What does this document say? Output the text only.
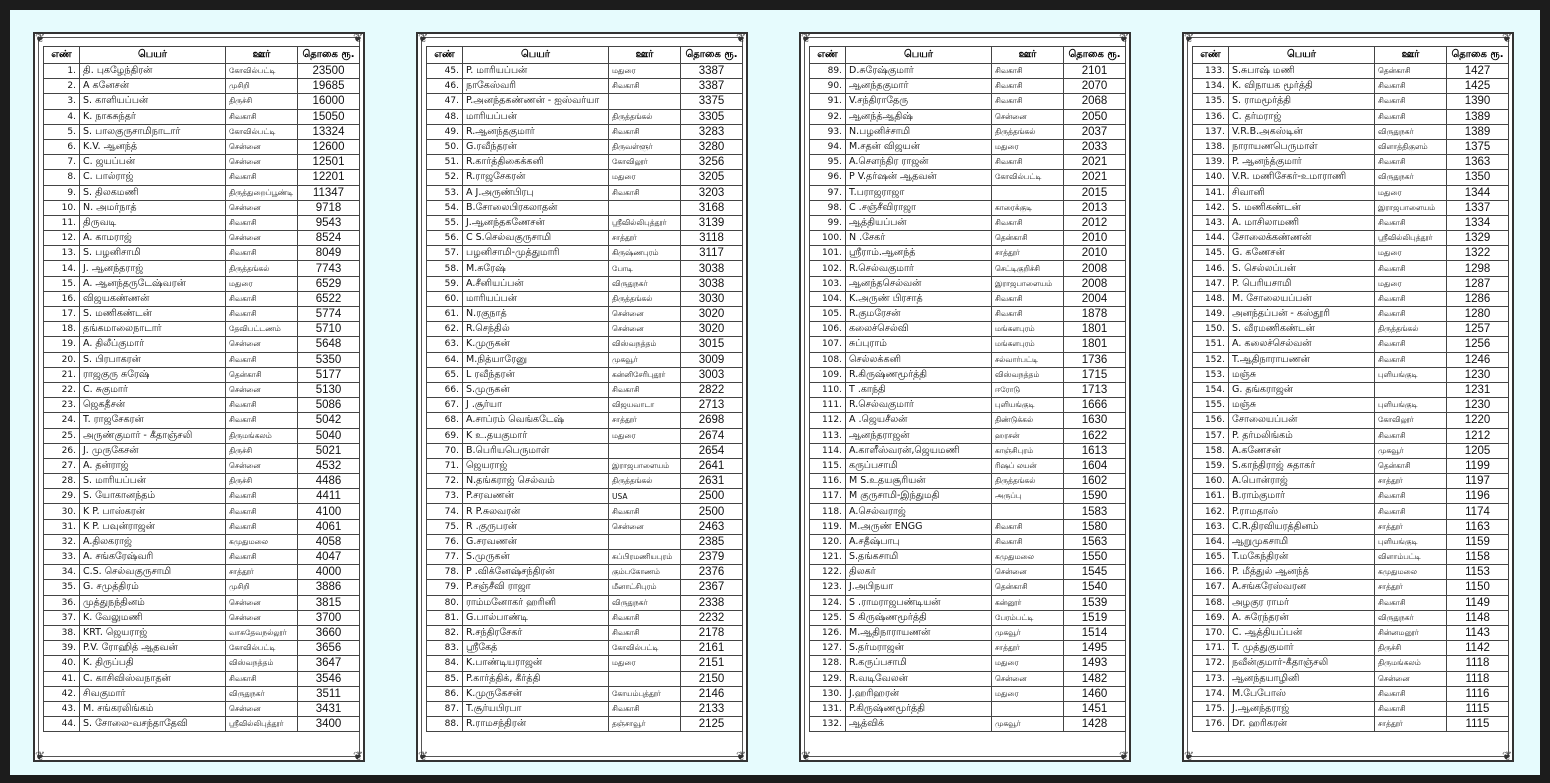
❦	❦
❦	❦
எண்	பெயர்	ஊர்	தொகை ரூ.
1.	தி. புகழேந்திரன்	கோவில்பட்டி	23500
2.	A கனேசன்	முசிறி	19685
3.	S. காளியப்பன்	திருச்சி	16000
4.	K. நாகசுந்தர்	சிவகாசி	15050
5.	S. பாலகுருசாமிநாடார்	கோவில்பட்டி	13324
6.	K.V. ஆனந்த்	சென்னை	12600
7.	C. ஜயப்பன்	சென்னை	12501
8.	C. பால்ராஜ்	சிவகாசி	12201
9.	S. திலகமணி	திருத்துறைப்பூண்டி	11347
10.	N. அமர்நாத்	சென்னை	9718
11.	திருவடி	சிவகாசி	9543
12.	A. காமராஜ்	சென்னை	8524
13.	S. பழனிசாமி	சிவகாசி	8049
14.	J. ஆனந்தராஜ்	திருத்தங்கல்	7743
15.	A. ஆனந்தருடேஷ்வரன்	மதுரை	6529
16.	விஜயகண்ணன்	சிவகாசி	6522
17.	S. மணிகண்டன்	சிவகாசி	5774
18.	தங்கமாலைநாடார்	தேவிபட்டணம்	5710
19.	A. திலீப்குமார்	சென்னை	5648
20.	S. பிரபாகரன்	சிவகாசி	5350
21.	ராஜகுரு சுரேஷ்	தென்காசி	5177
22.	C. சுகுமார்	சென்னை	5130
23.	ஜெகதீசன்	சிவகாசி	5086
24.	T. ராஜசேகரன்	சிவகாசி	5042
25.	அருண்குமார் - கீதாஞ்சலி	திருமங்கலம்	5040
26.	J. முருகேசன்	திருச்சி	5021
27.	A. தன்ராஜ்	சென்னை	4532
28.	S. மாரியப்பன்	திருச்சி	4486
29.	S. யோகானந்தம்	சிவகாசி	4411
30.	K P. பாஸ்கரன்	சிவகாசி	4100
31.	K P. பவுன்ராஜன்	சிவகாசி	4061
32.	A.திலகராஜ்	கமுதுமலை	4058
33.	A. சங்கரேஷ்வரி	சிவகாசி	4047
34.	C.S. செல்வகுருசாமி	சாத்தூர்	4000
35.	G. சமுத்திரம்	முசிறி	3886
36.	முத்துநந்தினம்	சென்னை	3815
37.	K. வேலுமணி	சென்னை	3700
38.	KRT. ஜெயராஜ்	வாசுதேவநல்லூர்	3660
39.	P.V. ரோஹித் ஆதவன்	கோவில்பட்டி	3656
40.	K. திருப்பதி	விஸ்வநத்தம்	3647
41.	C. காசிவிஸ்வநாதன்	சிவகாசி	3546
42.	சிவகுமார்	விருதுநகர்	3511
43.	M. சங்கரலிங்கம்	சென்னை	3431
44.	S. சோலை-வசந்தாதேவி	ஸ்ரீவில்லிபுத்தூர்	3400
❦	❦
❦	❦
எண்	பெயர்	ஊர்	தொகை ரூ.
45.	P. மாரியப்பன்	மதுரை	3387
46.	நாகேஸ்வரி	சிவகாசி	3387
47.	P.அனந்தகண்ணன் - ஐஸ்வர்யா		3375
48.	மாரியப்பன்	திருத்தங்கல்	3305
49.	R.ஆனந்தகுமார்	சிவகாசி	3283
50.	G.ரவீந்தரன்	திருவள்ளூர்	3280
51.	R.கார்த்திகைக்கனி	கோவிலூர்	3256
52.	R.ராஜசேகரன்	மதுரை	3205
53.	A J.அருண்பிரபு	சிவகாசி	3203
54.	B.சோலைபிரகலாதன்		3168
55.	J.ஆனந்தகணேசன்	ஸ்ரீவில்லிபுத்தூர்	3139
56.	C S.செல்வகுருசாமி	சாத்தூர்	3118
57.	பழனிசாமி-முத்துமாரி	கிருஷ்ணபுரம்	3117
58.	M.சுரேஷ்	போடி	3038
59.	A.சீனியப்பன்	விருதுநகர்	3038
60.	மாரியப்பன்	திருத்தங்கல்	3030
61.	N.ரகுநாத்	சென்னை	3020
62.	R.செந்தில்	சென்னை	3020
63.	K.முருகன்	விஸ்வநத்தம்	3015
64.	M.நித்யாரேனு	முகவூர்	3009
65.	L ரவீந்தரன்	கன்னிசேரிபுதூர்	3003
66.	S.முருகன்	சிவகாசி	2822
67.	J .சூர்யா	விஜயவாடா	2713
68.	A.சாப்ரம் வெங்கடேஷ்	சாத்தூர்	2698
69.	K உ.தயகுமார்	மதுரை	2674
70.	B.பெரியபெருமாள்		2654
71.	ஜெயராஜ்	இராஜபாளையம்	2641
72.	N.தங்கராஜ் செல்வம்	திருத்தங்கல்	2631
73.	P.சரவணன்	USA	2500
74.	R P.சுலவரன்	சிவகாசி	2500
75.	R .குருபரன்	சென்னை	2463
76.	G.சரவணன்		2385
77.	S.முருகன்	சுப்பிரமணியபுரம்	2379
78.	P .விக்னேஷ்சந்திரன்	கும்பகோணம்	2376
79.	P.சஞ்சீவி ராஜா	மீனாட்சிபுரம்	2367
80.	ராம்மனோகர் ஹரினி	விருதுநகர்	2338
81.	G.பால்பாண்டி	சிவகாசி	2232
82.	R.சந்திரசேகர்	சிவகாசி	2178
83.	ஸ்ரீகேத்	கோவில்பட்டி	2161
84.	K.பாண்டியராஜன்	மதுரை	2151
85.	P.கார்த்திக், கீர்த்தி		2150
86.	K.முருகேசன்	கோயம்புத்தூர்	2146
87.	T.சூர்யபிரபா	சிவகாசி	2133
88.	R.ராமசந்திரன்	தஞ்சாவூர்	2125
❦	❦
❦	❦
எண்	பெயர்	ஊர்	தொகை ரூ.
89.	D.சுரேஷ்குமார்	சிவகாசி	2101
90.	ஆனந்தகுமார்	சிவகாசி	2070
91.	V.சந்திராதேரு	சிவகாசி	2068
92.	ஆனந்த்ஆதிஷ்	சென்னை	2050
93.	N.பழனிச்சாமி	திருத்தங்கல்	2037
94.	M.சதன் விஜயன்	மதுரை	2033
95.	A.சௌந்திர ராஜன்	சிவகாசி	2021
96.	P V.தர்ஷன் ஆதவன்	கோவில்பட்டி	2021
97.	T.பராஜராஜா		2015
98.	C .சஞ்சீவிராஜா	காரைக்குடி	2013
99.	ஆத்தியப்பன்	சிவகாசி	2012
100.	N .சேகர்	தென்காசி	2010
101.	ஸ்ரீராம்.ஆனந்த்	சாத்தூர்	2010
102.	R.செல்வகுமார்	செட்டிகுறிச்சி	2008
103.	ஆனந்தசெல்வன்	இராஜபாளையம்	2008
104.	K.அருண் பிரசாத்	சிவகாசி	2004
105.	R.குமரேசன்	சிவகாசி	1878
106.	கலைச்செல்வி	மங்களபுரம்	1801
107.	சுப்புராம்	மங்களபுரம்	1801
108.	செல்லக்கனி	சல்வார்பட்டி	1736
109.	R.கிருஷ்ணமூர்த்தி	விஸ்வநத்தம்	1715
110.	T .காந்தி	ஈரோடு	1713
111.	R.செல்வகுமார்	புளியங்குடி	1666
112.	A .ஜெயசீலன்	திண்டுக்கல்	1630
113.	ஆனந்தராஜன்	ஹரசன்	1622
114.	A.காளீஸ்வரன்,ஜெயமணி	காஞ்சிபுரம்	1613
115.	கருப்பசாமி	ரிஷப் லயன்	1604
116.	M S.உதயசூரியன்	திருத்தங்கல்	1602
117.	M குருசாமி-இந்துமதி	அருப்பு	1590
118.	A.செல்வராஜ்		1583
119.	M.அருண் ENGG	சிவகாசி	1580
120.	A.சதீஷ்பாபு	சிவகாசி	1563
121.	S.தங்கசாமி	கமுதுமலை	1550
122.	திலகர்	சென்னை	1545
123.	J.அபிநயா	தென்காசி	1540
124.	S .ராமராஜபண்டியன்	கன்னூர்	1539
125.	S கிருஷ்ணமூர்த்தி	பேரம்பட்டி	1519
126.	M.ஆதிநாராயணன்	முகவூர்	1514
127.	S.தர்மராஜன்	சாத்தூர்	1495
128.	R.கருப்பசாமி	மதுரை	1493
129.	R.வடிவேலன்	சென்னை	1482
130.	J.ஹரிஹரன்	மதுரை	1460
131.	P.கிருஷ்ணமூர்த்தி		1451
132.	ஆத்விக்	முகவூர்	1428
❦	❦
❦	❦
எண்	பெயர்	ஊர்	தொகை ரூ.
133.	S.சுபாஷ் மணி	தென்காசி	1427
134.	K. விநாயக மூர்த்தி	சிவகாசி	1425
135.	S. ராமமூர்த்தி	சிவகாசி	1390
136.	C. தர்மராஜ்	சிவகாசி	1389
137.	V.R.B.அகஸ்டின்	விருதுநகர்	1389
138.	நாராயணபெருமாள்	விளாத்திகுளம்	1375
139.	P. ஆனந்த்குமார்	சிவகாசி	1363
140.	V.R. மணிசேகர்-உமாராணி	விருதுநகர்	1350
141.	சிவானி	மதுரை	1344
142.	S. மணிகண்டன்	இராஜபாளையம்	1337
143.	A. மாசிலாமணி	சிவகாசி	1334
144.	சோலைக்கண்ணன்	ஸ்ரீவில்லிபுத்தூர்	1329
145.	G. கணேசன்	மதுரை	1322
146.	S. செல்லப்பன்	சிவகாசி	1298
147.	P. பெரியசாமி	மதுரை	1287
148.	M. சோலையப்பன்	சிவகாசி	1286
149.	அனந்தப்பன் - கஸ்தூரி	சிவகாசி	1280
150.	S. வீரமணிகண்டன்	திருத்தங்கல்	1257
151.	A. கலைச்செல்வன்	சிவகாசி	1256
152.	T.ஆதிநாராயணன்	சிவகாசி	1246
153.	மஞ்சு	புளியங்குடி	1230
154.	G. தங்கராஜன்		1231
155.	மஞ்சு	புளியங்குடி	1230
156.	சோலையப்பன்	கோவிலூர்	1220
157.	P. தர்மலிங்கம்	சிவகாசி	1212
158.	A.கணேசன்	முகவூர்	1205
159.	S.காந்திராஜ் சுதாகர்	தென்காசி	1199
160.	A.பொன்ராஜ்	சாத்தூர்	1197
161.	B.ராம்குமார்	சிவகாசி	1196
162.	P.ராமதாஸ்	சிவகாசி	1174
163.	C.R.திரவியரத்தினம்	சாத்தூர்	1163
164.	ஆறுமுகசாமி	புளியங்குடி	1159
165.	T.மகேந்திரன்	விளாம்பட்டி	1158
166.	P. மீத்துல் ஆனந்த்	கமுதுமலை	1153
167.	A.சங்கரேஸ்வரன	சாத்தூர்	1150
168.	அழகுர ராமர்	சிவகாசி	1149
169.	A. சுரேந்தரன்	விருதுநகர்	1148
170.	C. ஆத்தியப்பன்	சின்னமனூர்	1143
171.	T. முத்துகுமார்	திருச்சி	1142
172.	நவீன்குமார்-கீதாஞ்சலி	திருமங்கலம்	1118
173.	ஆனந்தயாழினி	சென்னை	1118
174.	M.பேபோஸ்	சிவகாசி	1116
175.	J.ஆனந்தராஜ்	சிவகாசி	1115
176.	Dr. ஹரிகரன்	சாத்தூர்	1115
